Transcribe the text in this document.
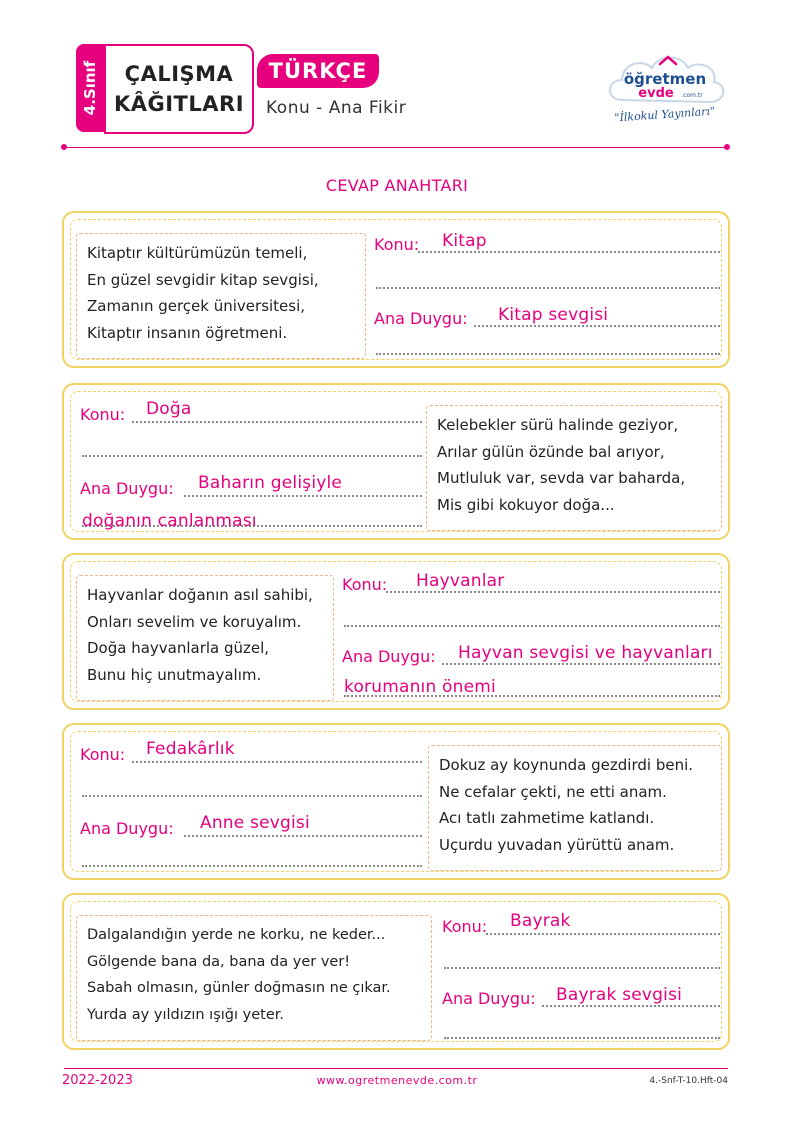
4.Sınıf ÇALIŞMA
KÂĞITLARI
TÜRKÇE
Konu - Ana Fikir
öğretmen
evde .com.tr
"İlkokul Yayınları"
CEVAP ANAHTARI
Kitaptır kültürümüzün temeli,
En güzel sevgidir kitap sevgisi,
Zamanın gerçek üniversitesi,
Kitaptır insanın öğretmeni.
Konu: Kitap
Ana Duygu: Kitap sevgisi
Konu: Doğa
Ana Duygu: Baharın gelişiyle
doğanın canlanması
Kelebekler sürü halinde geziyor,
Arılar gülün özünde bal arıyor,
Mutluluk var, sevda var baharda,
Mis gibi kokuyor doğa...
Hayvanlar doğanın asıl sahibi,
Onları sevelim ve koruyalım.
Doğa hayvanlarla güzel,
Bunu hiç unutmayalım.
Konu: Hayvanlar
Ana Duygu: Hayvan sevgisi ve hayvanları
korumanın önemi
Konu: Fedakârlık
Ana Duygu: Anne sevgisi
Dokuz ay koynunda gezdirdi beni.
Ne cefalar çekti, ne etti anam.
Acı tatlı zahmetime katlandı.
Uçurdu yuvadan yürüttü anam.
Dalgalandığın yerde ne korku, ne keder...
Gölgende bana da, bana da yer ver!
Sabah olmasın, günler doğmasın ne çıkar.
Yurda ay yıldızın ışığı yeter.
Konu: Bayrak
Ana Duygu: Bayrak sevgisi
2022-2023	www.ogretmenevde.com.tr	4.-Snf-T-10.Hft-04
